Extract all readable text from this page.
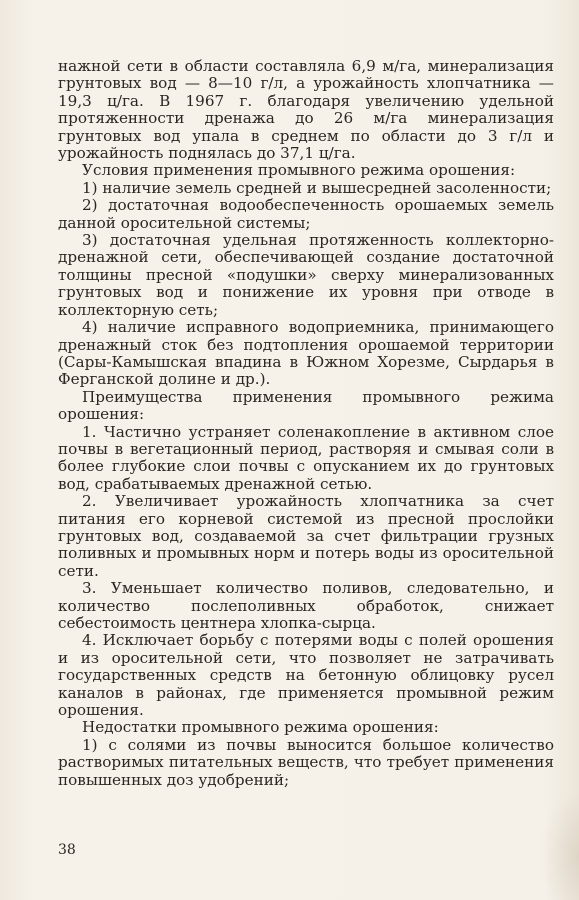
нажной сети в области составляла 6,9 м/га, минерализация грунтовых вод — 8—10 г/л, а урожайность хлопчатника — 19,3 ц/га. В 1967 г. благодаря увеличению удельной протяженности дренажа до 26 м/га минерализация грунтовых вод упала в среднем по области до 3 г/л и урожайность поднялась до 37,1 ц/га.

Условия применения промывного режима орошения:

1) наличие земель средней и вышесредней засоленности;

2) достаточная водообеспеченность орошаемых земель данной оросительной системы;

3) достаточная удельная протяженность коллекторно-дренажной сети, обеспечивающей создание достаточной толщины пресной «подушки» сверху минерализованных грунтовых вод и понижение их уровня при отводе в коллекторную сеть;

4) наличие исправного водоприемника, принимающего дренажный сток без подтопления орошаемой территории (Сары-Камышская впадина в Южном Хорезме, Сырдарья в Ферганской долине и др.).

Преимущества применения промывного режима орошения:

1. Частично устраняет соленакопление в активном слое почвы в вегетационный период, растворяя и смывая соли в более глубокие слои почвы с опусканием их до грунтовых вод, срабатываемых дренажной сетью.

2. Увеличивает урожайность хлопчатника за счет питания его корневой системой из пресной прослойки грунтовых вод, создаваемой за счет фильтрации грузных поливных и промывных норм и потерь воды из оросительной сети.

3. Уменьшает количество поливов, следовательно, и количество послеполивных обработок, снижает себестоимость центнера хлопка-сырца.

4. Исключает борьбу с потерями воды с полей орошения и из оросительной сети, что позволяет не затрачивать государственных средств на бетонную облицовку русел каналов в районах, где применяется промывной режим орошения.

Недостатки промывного режима орошения:

1) с солями из почвы выносится большое количество растворимых питательных веществ, что требует применения повышенных доз удобрений;

38
